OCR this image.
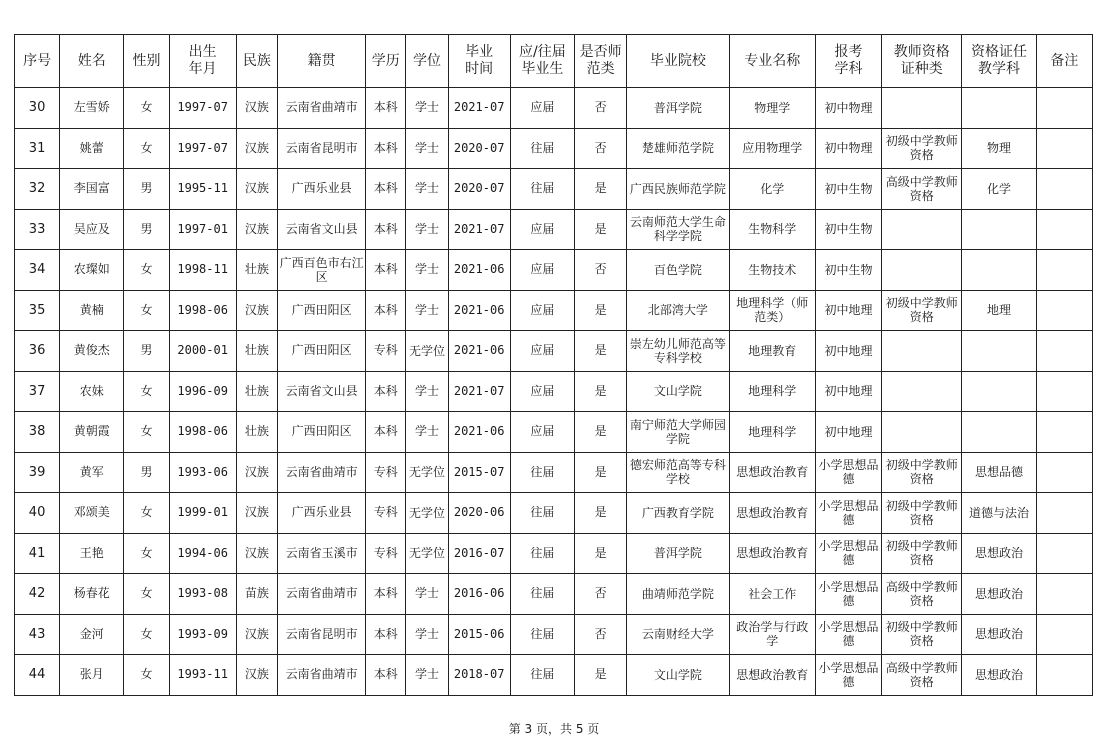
序号	姓名	性别	出生年月	民族	籍贯	学历	学位	毕业时间	应/往届毕业生	是否师范类	毕业院校	专业名称	报考学科	教师资格证种类	资格证任教学科	备注
30	左雪娇	女	1997-07	汉族	云南省曲靖市	本科	学士	2021-07	应届	否	普洱学院	物理学	初中物理			
31	姚蕾	女	1997-07	汉族	云南省昆明市	本科	学士	2020-07	往届	否	楚雄师范学院	应用物理学	初中物理	初级中学教师资格	物理	
32	李国富	男	1995-11	汉族	广西乐业县	本科	学士	2020-07	往届	是	广西民族师范学院	化学	初中生物	高级中学教师资格	化学	
33	吴应及	男	1997-01	汉族	云南省文山县	本科	学士	2021-07	应届	是	云南师范大学生命科学学院	生物科学	初中生物			
34	农璨如	女	1998-11	壮族	广西百色市右江区	本科	学士	2021-06	应届	否	百色学院	生物技术	初中生物			
35	黄楠	女	1998-06	汉族	广西田阳区	本科	学士	2021-06	应届	是	北部湾大学	地理科学（师范类）	初中地理	初级中学教师资格	地理	
36	黄俊杰	男	2000-01	壮族	广西田阳区	专科	无学位	2021-06	应届	是	崇左幼儿师范高等专科学校	地理教育	初中地理			
37	农妹	女	1996-09	壮族	云南省文山县	本科	学士	2021-07	应届	是	文山学院	地理科学	初中地理			
38	黄朝霞	女	1998-06	壮族	广西田阳区	本科	学士	2021-06	应届	是	南宁师范大学师园学院	地理科学	初中地理			
39	黄军	男	1993-06	汉族	云南省曲靖市	专科	无学位	2015-07	往届	是	德宏师范高等专科学校	思想政治教育	小学思想品德	初级中学教师资格	思想品德	
40	邓颂美	女	1999-01	汉族	广西乐业县	专科	无学位	2020-06	往届	是	广西教育学院	思想政治教育	小学思想品德	初级中学教师资格	道德与法治	
41	王艳	女	1994-06	汉族	云南省玉溪市	专科	无学位	2016-07	往届	是	普洱学院	思想政治教育	小学思想品德	初级中学教师资格	思想政治	
42	杨春花	女	1993-08	苗族	云南省曲靖市	本科	学士	2016-06	往届	否	曲靖师范学院	社会工作	小学思想品德	高级中学教师资格	思想政治	
43	金河	女	1993-09	汉族	云南省昆明市	本科	学士	2015-06	往届	否	云南财经大学	政治学与行政学	小学思想品德	初级中学教师资格	思想政治	
44	张月	女	1993-11	汉族	云南省曲靖市	本科	学士	2018-07	往届	是	文山学院	思想政治教育	小学思想品德	高级中学教师资格	思想政治	
第 3 页，共 5 页
